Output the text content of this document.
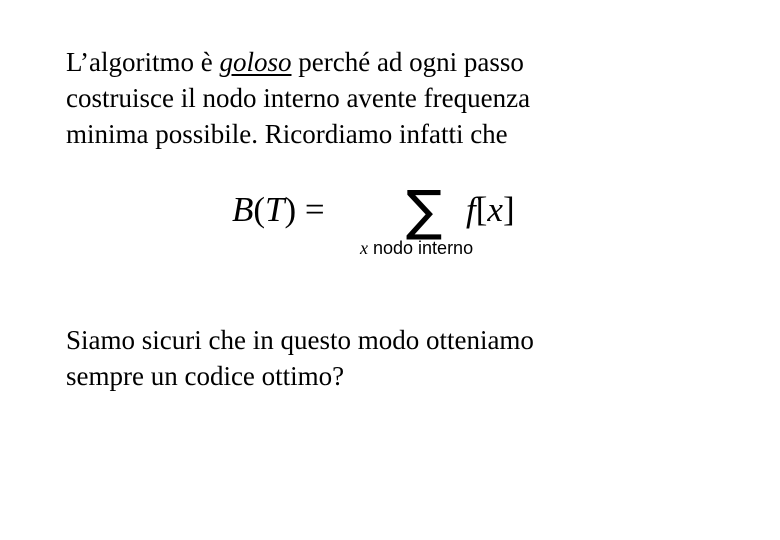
L’algoritmo è goloso perché ad ogni passo
costruisce il nodo interno avente frequenza
minima possibile. Ricordiamo infatti che

B(T) = ∑ f[x]
x nodo interno

Siamo sicuri che in questo modo otteniamo
sempre un codice ottimo?
